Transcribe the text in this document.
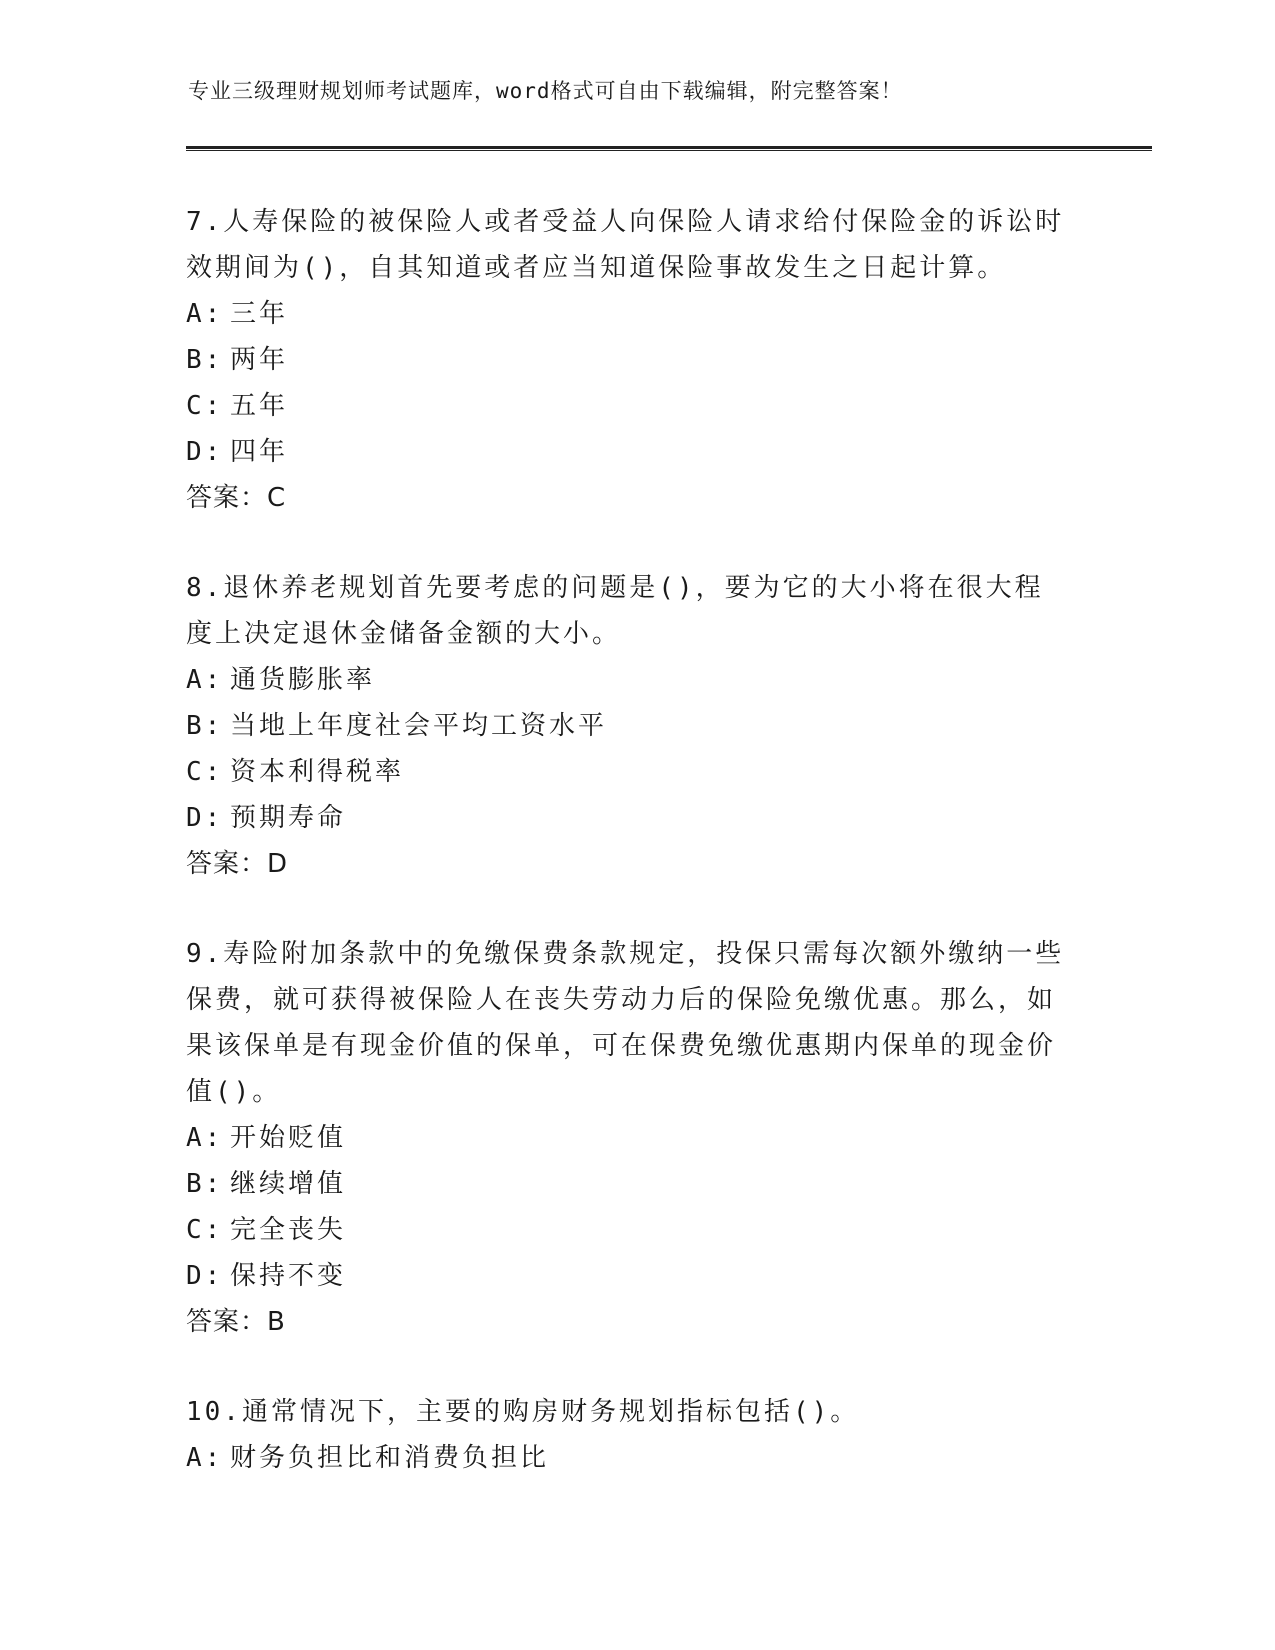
专业三级理财规划师考试题库，word格式可自由下载编辑，附完整答案！

7.人寿保险的被保险人或者受益人向保险人请求给付保险金的诉讼时效期间为()，自其知道或者应当知道保险事故发生之日起计算。

A: 三年

B: 两年

C: 五年

D: 四年

答案：C

8.退休养老规划首先要考虑的问题是()，要为它的大小将在很大程度上决定退休金储备金额的大小。

A: 通货膨胀率

B: 当地上年度社会平均工资水平

C: 资本利得税率

D: 预期寿命

答案：D

9.寿险附加条款中的免缴保费条款规定，投保只需每次额外缴纳一些保费，就可获得被保险人在丧失劳动力后的保险免缴优惠。那么，如果该保单是有现金价值的保单，可在保费免缴优惠期内保单的现金价值()。

A: 开始贬值

B: 继续增值

C: 完全丧失

D: 保持不变

答案：B

10.通常情况下，主要的购房财务规划指标包括()。

A: 财务负担比和消费负担比
